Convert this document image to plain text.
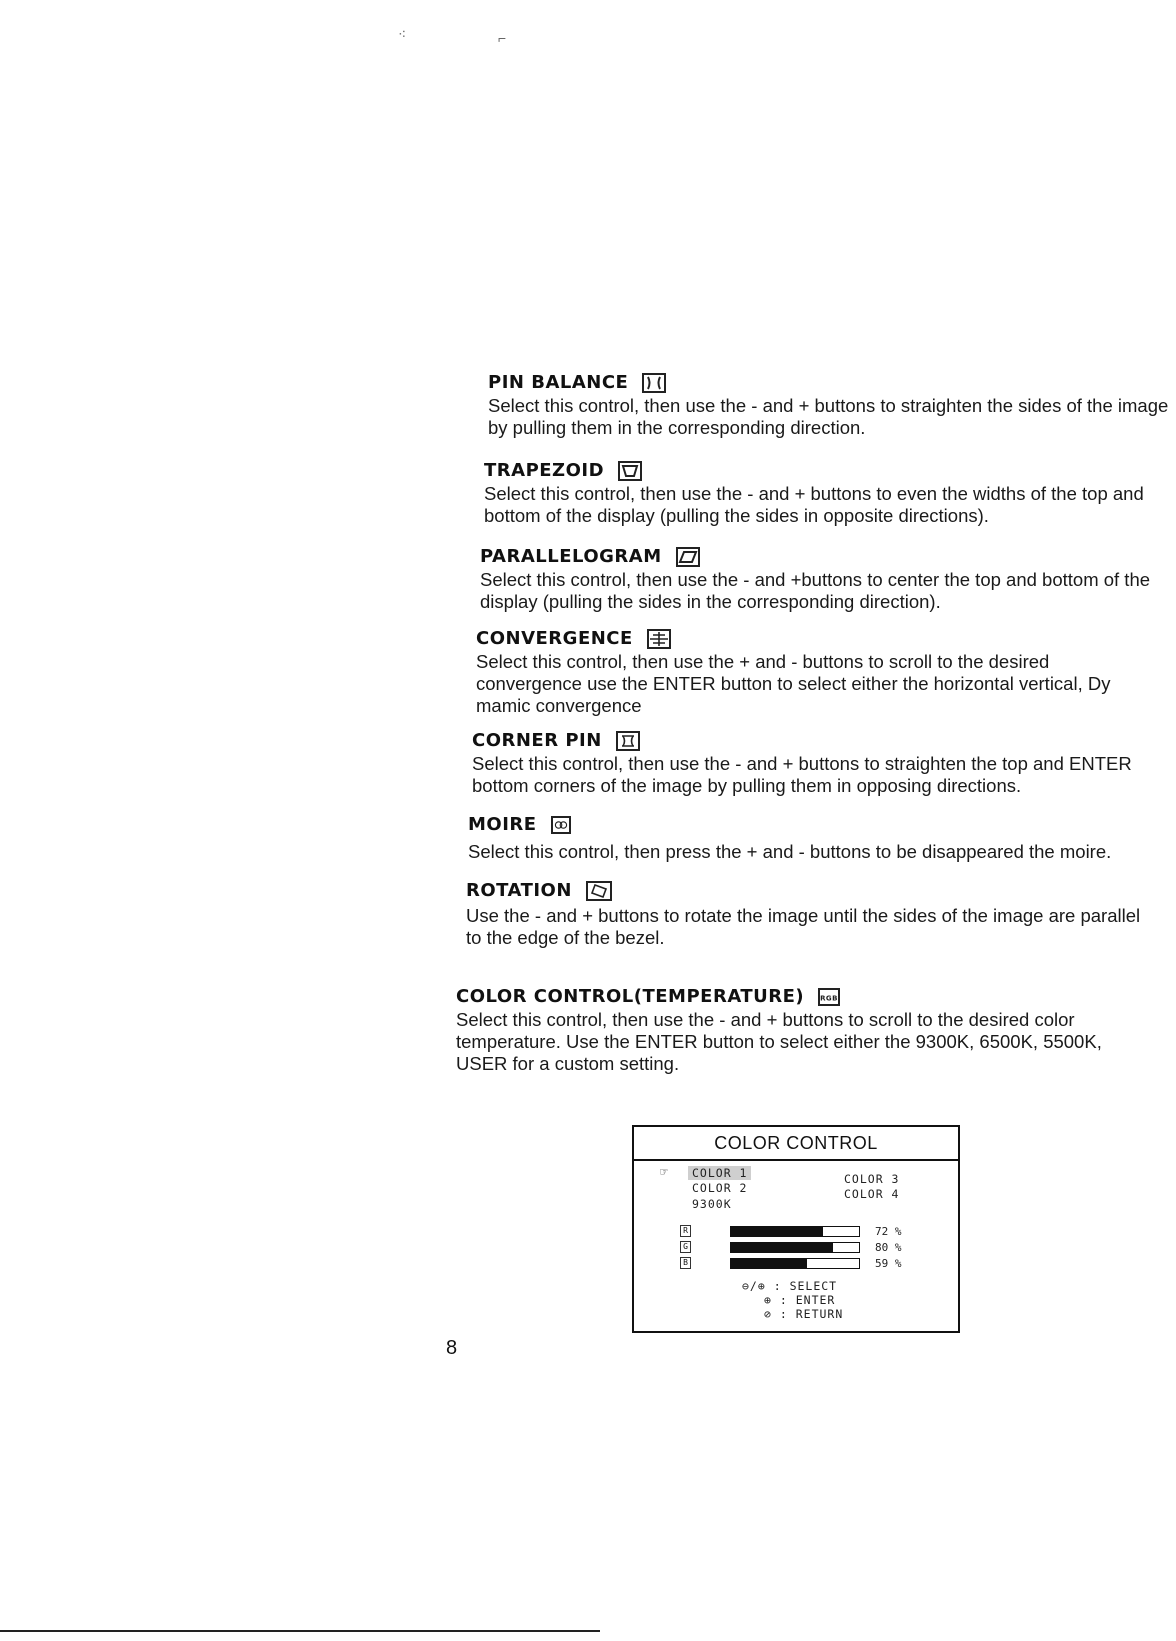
⁖	⌐
PIN BALANCE
Select this control, then use the - and + buttons to straighten the sides of the image by pulling them in the corresponding direction.
TRAPEZOID
Select this control, then use the - and + buttons to even the widths of the top and bottom of the display (pulling the sides in opposite directions).
PARALLELOGRAM
Select this control, then use the - and +buttons to center the top and bottom of the display (pulling the sides in the corresponding direction).
CONVERGENCE
Select this control, then use the + and - buttons to scroll to the desired convergence use the ENTER button to select either the horizontal vertical, Dy mamic convergence
CORNER PIN
Select this control, then use the - and + buttons to straighten the top and ENTER bottom corners of the image by pulling them in opposing directions.
MOIRE
Select this control, then press the + and - buttons to be disappeared the moire.
ROTATION
Use the - and + buttons to rotate the image until the sides of the image are parallel to the edge of the bezel.
COLOR CONTROL(TEMPERATURE) RGB
Select this control, then use the - and + buttons to scroll to the desired color temperature. Use the ENTER button to select either the 9300K, 6500K, 5500K, USER for a custom setting.
COLOR CONTROL
☞	COLOR 1
COLOR 2
COLOR 3
COLOR 4
9300K
R	72 %
G	80 %
B	59 %
⊖/⊕ : SELECT
⊕ : ENTER
⊘ : RETURN
8
